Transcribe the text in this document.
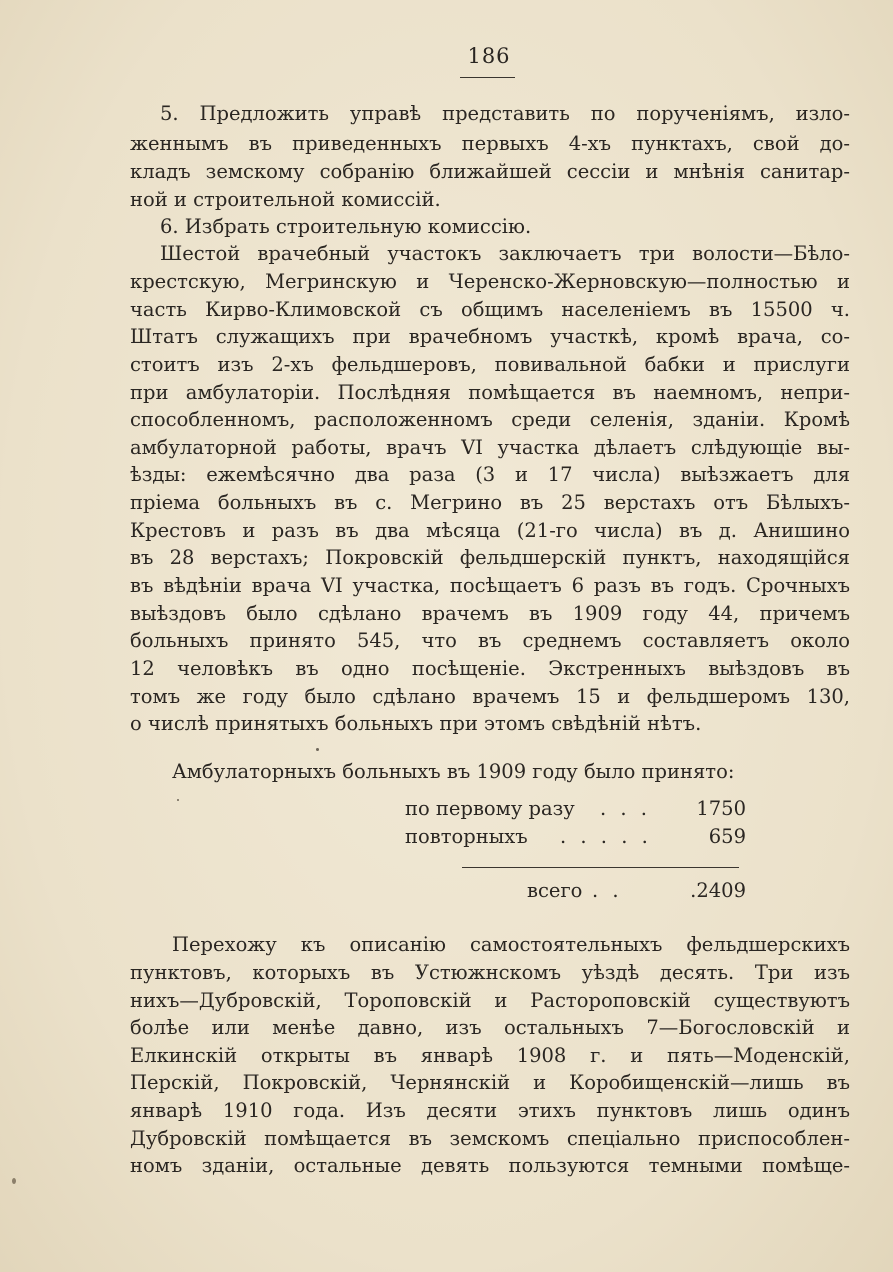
186
5. Предложить управѣ представить по порученіямъ, изло-
женнымъ въ приведенныхъ первыхъ 4-хъ пунктахъ, свой до-
кладъ земскому собранію ближайшей сессіи и мнѣнія санитар-
ной и строительной комиссій.
6. Избрать строительную комиссію.
Шестой врачебный участокъ заключаетъ три волости—Бѣло-
крестскую, Мегринскую и Черенско-Жерновскую—полностью и
часть Кирво-Климовской съ общимъ населеніемъ въ 15500 ч.
Штатъ служащихъ при врачебномъ участкѣ, кромѣ врача, со-
стоитъ изъ 2-хъ фельдшеровъ, повивальной бабки и прислуги
при амбулаторіи. Послѣдняя помѣщается въ наемномъ, непри-
способленномъ, расположенномъ среди селенія, зданіи. Кромѣ
амбулаторной работы, врачъ VI участка дѣлаетъ слѣдующіе вы-
ѣзды: ежемѣсячно два раза (3 и 17 числа) выѣзжаетъ для
пріема больныхъ въ с. Мегрино въ 25 верстахъ отъ Бѣлыхъ-
Крестовъ и разъ въ два мѣсяца (21-го числа) въ д. Анишино
въ 28 верстахъ; Покровскій фельдшерскій пунктъ, находящійся
въ вѣдѣніи врача VI участка, посѣщаетъ 6 разъ въ годъ. Срочныхъ
выѣздовъ было сдѣлано врачемъ въ 1909 году 44, причемъ
больныхъ принято 545, что въ среднемъ составляетъ около
12 человѣкъ въ одно посѣщеніе. Экстренныхъ выѣздовъ въ
томъ же году было сдѣлано врачемъ 15 и фельдшеромъ 130,
о числѣ принятыхъ больныхъ при этомъ свѣдѣній нѣтъ.
Перехожу къ описанію самостоятельныхъ фельдшерскихъ
пунктовъ, которыхъ въ Устюжнскомъ уѣздѣ десять. Три изъ
нихъ—Дубровскій, Тороповскій и Растороповскій существуютъ
болѣе или менѣе давно, изъ остальныхъ 7—Богословскій и
Елкинскій открыты въ январѣ 1908 г. и пять—Моденскій,
Перскій, Покровскій, Чернянскій и Коробищенскій—лишь въ
январѣ 1910 года. Изъ десяти этихъ пунктовъ лишь одинъ
Дубровскій помѣщается въ земскомъ спеціально приспособлен-
номъ зданіи, остальные девять пользуются темными помѣще-
Амбулаторныхъ больныхъ въ 1909 году было принято:
по первому разу	. . .	1750
повторныхъ	. . . . .	659
всего . .	.2409
